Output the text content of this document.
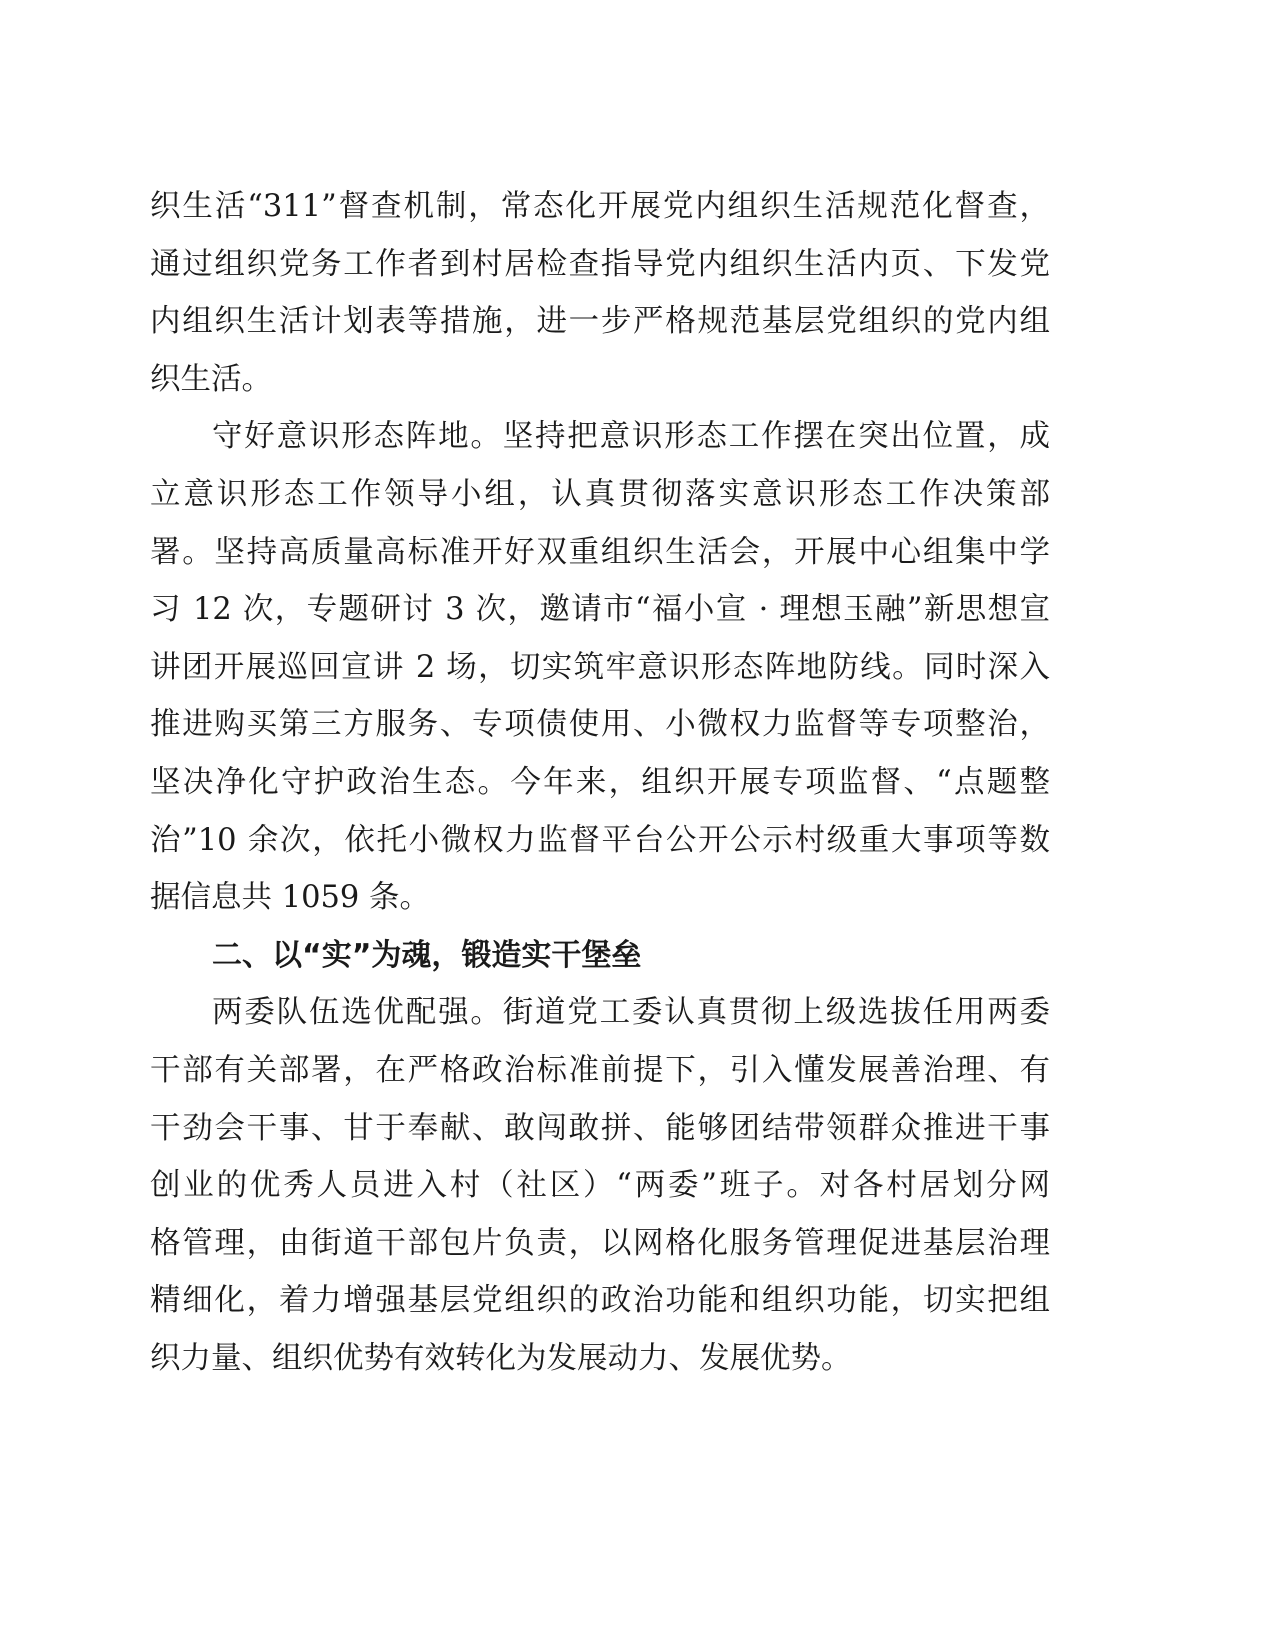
织生活“311”督查机制，常态化开展党内组织生活规范化督查，
通过组织党务工作者到村居检查指导党内组织生活内页、下发党
内组织生活计划表等措施，进一步严格规范基层党组织的党内组
织生活。
守好意识形态阵地。坚持把意识形态工作摆在突出位置，成
立意识形态工作领导小组，认真贯彻落实意识形态工作决策部
署。坚持高质量高标准开好双重组织生活会，开展中心组集中学
习 12 次，专题研讨 3 次，邀请市“福小宣 · 理想玉融”新思想宣
讲团开展巡回宣讲 2 场，切实筑牢意识形态阵地防线。同时深入
推进购买第三方服务、专项债使用、小微权力监督等专项整治，
坚决净化守护政治生态。今年来，组织开展专项监督、“点题整
治”10 余次，依托小微权力监督平台公开公示村级重大事项等数
据信息共 1059 条。
二、以“实”为魂，锻造实干堡垒
两委队伍选优配强。街道党工委认真贯彻上级选拔任用两委
干部有关部署，在严格政治标准前提下，引入懂发展善治理、有
干劲会干事、甘于奉献、敢闯敢拼、能够团结带领群众推进干事
创业的优秀人员进入村（社区）“两委”班子。对各村居划分网
格管理，由街道干部包片负责，以网格化服务管理促进基层治理
精细化，着力增强基层党组织的政治功能和组织功能，切实把组
织力量、组织优势有效转化为发展动力、发展优势。
